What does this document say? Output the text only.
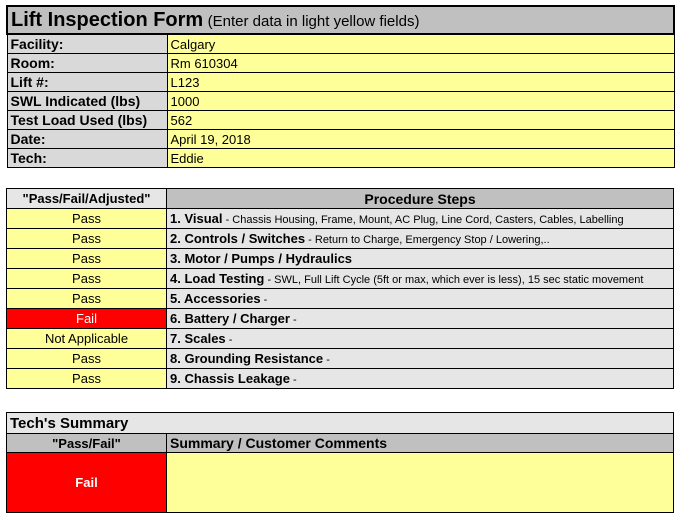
Lift Inspection Form (Enter data in light yellow fields)	
Facility:	Calgary
Room:	Rm 610304
Lift #:	L123
SWL Indicated (lbs)	1000
Test Load Used (lbs)	562
Date:	April 19, 2018
Tech:	Eddie
"Pass/Fail/Adjusted"	Procedure Steps
Pass	1. Visual - Chassis Housing, Frame, Mount, AC Plug, Line Cord, Casters, Cables, Labelling
Pass	2. Controls / Switches - Return to Charge, Emergency Stop / Lowering,..
Pass	3. Motor / Pumps / Hydraulics
Pass	4. Load Testing - SWL, Full Lift Cycle (5ft or max, which ever is less), 15 sec static movement
Pass	5. Accessories -
Fail	6. Battery / Charger -
Not Applicable	7. Scales -
Pass	8. Grounding Resistance -
Pass	9. Chassis Leakage -
Tech's Summary	
"Pass/Fail"	Summary / Customer Comments
Fail	
